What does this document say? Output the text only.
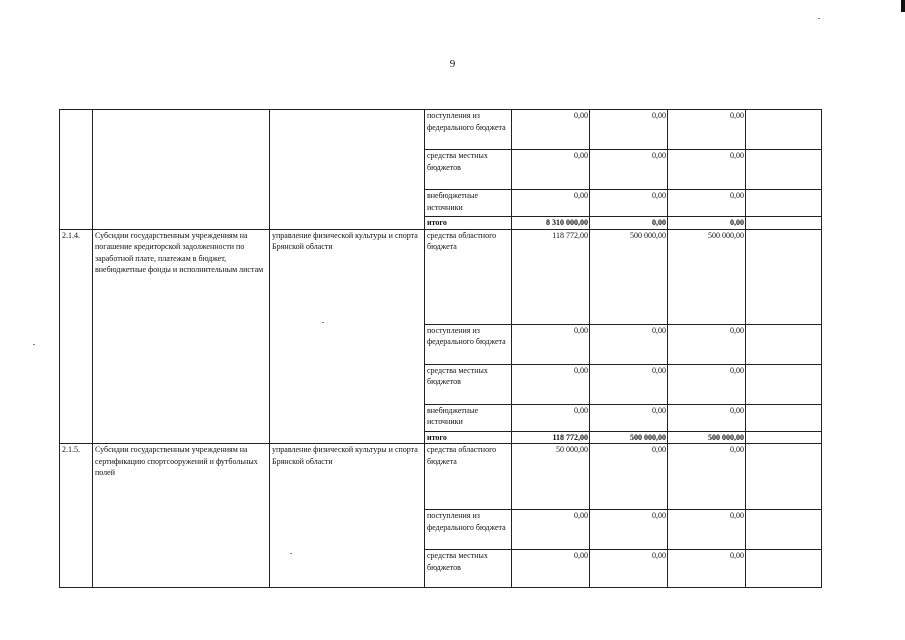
9
			поступления из федерального бюджета	0,00	0,00	0,00	
			средства местных бюджетов	0,00	0,00	0,00	
			внебюджетные источники	0,00	0,00	0,00	
			итого	8 310 000,00	0,00	0,00	
2.1.4.	Субсидии государственным учреждениям на погашение кредиторской задолженности по заработной плате, платежам в бюджет, внебюджетные фонды и исполнительным листам	управление физической культуры и спорта Брянской области	средства областного бюджета	118 772,00	500 000,00	500 000,00	
			поступления из федерального бюджета	0,00	0,00	0,00	
			средства местных бюджетов	0,00	0,00	0,00	
			внебюджетные источники	0,00	0,00	0,00	
			итого	118 772,00	500 000,00	500 000,00	
2.1.5.	Субсидии государственным учреждениям на сертификацию спортсооружений и футбольных полей	управление физической культуры и спорта Брянской области	средства областного бюджета	50 000,00	0,00	0,00	
			поступления из федерального бюджета	0,00	0,00	0,00	
			средства местных бюджетов	0,00	0,00	0,00	
